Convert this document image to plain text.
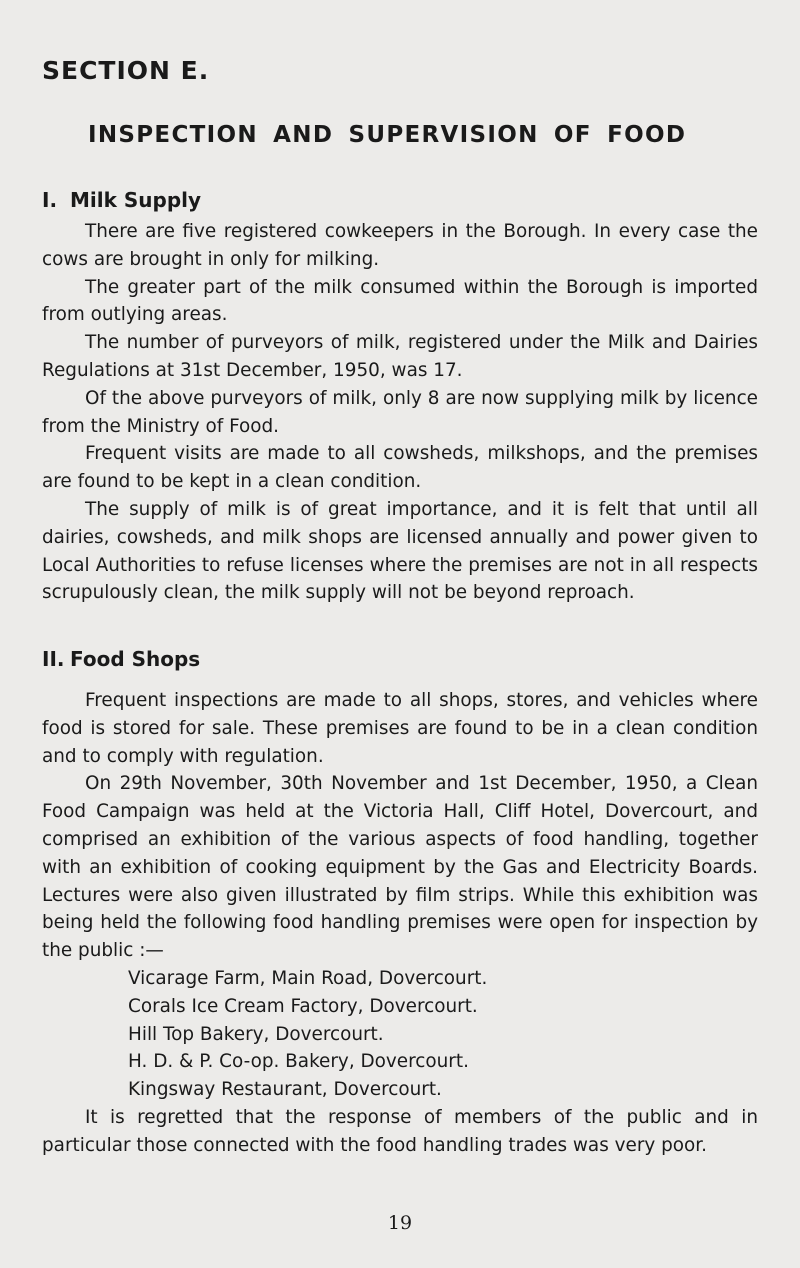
SECTION E.
INSPECTION AND SUPERVISION OF FOOD
I. Milk Supply

There are five registered cowkeepers in the Borough. In every case the cows are brought in only for milking.

The greater part of the milk consumed within the Borough is imported from outlying areas.

The number of purveyors of milk, registered under the Milk and Dairies Regulations at 31st December, 1950, was 17.

Of the above purveyors of milk, only 8 are now supplying milk by licence from the Ministry of Food.

Frequent visits are made to all cowsheds, milkshops, and the premises are found to be kept in a clean condition.

The supply of milk is of great importance, and it is felt that until all dairies, cowsheds, and milk shops are licensed annually and power given to Local Authorities to refuse licenses where the premises are not in all respects scrupulously clean, the milk supply will not be beyond reproach.

II. Food Shops

Frequent inspections are made to all shops, stores, and vehicles where food is stored for sale. These premises are found to be in a clean condition and to comply with regulation.

On 29th November, 30th November and 1st December, 1950, a Clean Food Campaign was held at the Victoria Hall, Cliff Hotel, Dovercourt, and comprised an exhibition of the various aspects of food handling, together with an exhibition of cooking equipment by the Gas and Electricity Boards. Lectures were also given illustrated by film strips. While this exhibition was being held the following food handling premises were open for inspection by the public :—

Vicarage Farm, Main Road, Dovercourt.
Corals Ice Cream Factory, Dovercourt.
Hill Top Bakery, Dovercourt.
H. D. & P. Co-op. Bakery, Dovercourt.
Kingsway Restaurant, Dovercourt.

It is regretted that the response of members of the public and in particular those connected with the food handling trades was very poor.

19
